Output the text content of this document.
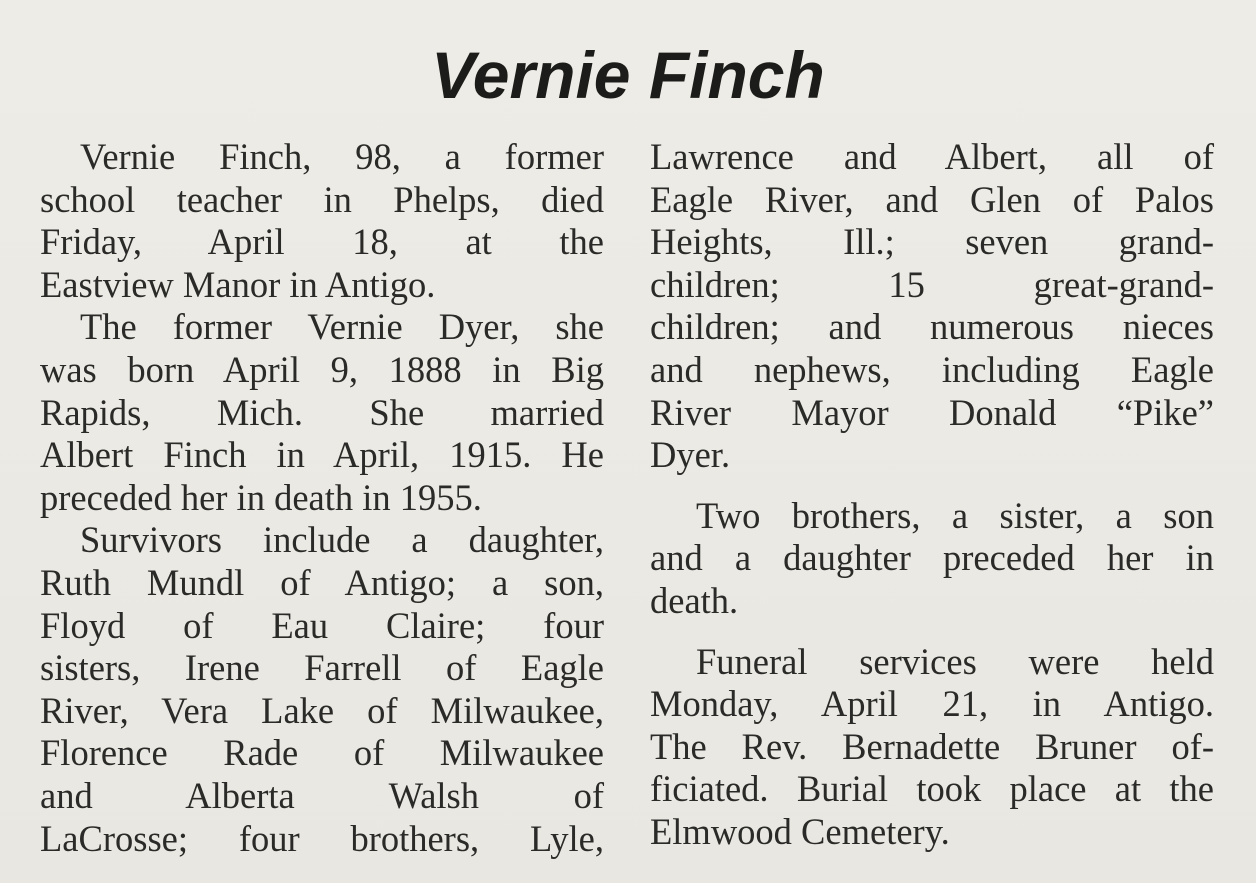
Vernie Finch
Vernie Finch, 98, a former
school teacher in Phelps, died
Friday, April 18, at the
Eastview Manor in Antigo.
The former Vernie Dyer, she
was born April 9, 1888 in Big
Rapids, Mich. She married
Albert Finch in April, 1915. He
preceded her in death in 1955.
Survivors include a daughter,
Ruth Mundl of Antigo; a son,
Floyd of Eau Claire; four
sisters, Irene Farrell of Eagle
River, Vera Lake of Milwaukee,
Florence Rade of Milwaukee
and Alberta Walsh of
LaCrosse; four brothers, Lyle,
Lawrence and Albert, all of
Eagle River, and Glen of Palos
Heights, Ill.; seven grand-
children; 15 great-grand-
children; and numerous nieces
and nephews, including Eagle
River Mayor Donald “Pike”
Dyer.
Two brothers, a sister, a son
and a daughter preceded her in
death.
Funeral services were held
Monday, April 21, in Antigo.
The Rev. Bernadette Bruner of-
ficiated. Burial took place at the
Elmwood Cemetery.
